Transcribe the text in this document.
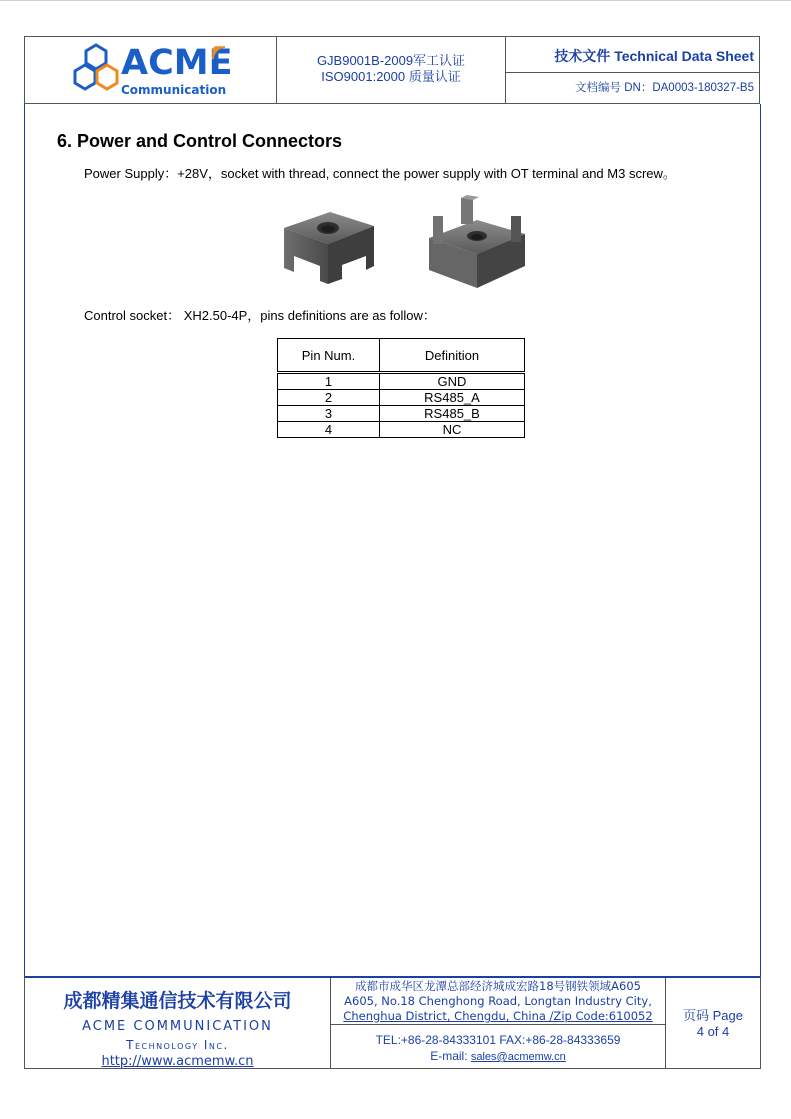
ACME
Communication
GJB9001B-2009军工认证
ISO9001:2000 质量认证
技术文件 Technical Data Sheet
文档编号 DN：DA0003-180327-B5
6. Power and Control Connectors
Power Supply：+28V，socket with thread, connect the power supply with OT terminal and M3 screw。
Control socket： XH2.50-4P，pins definitions are as follow：
Pin Num.	Definition
1	GND
2	RS485_A
3	RS485_B
4	NC
成都精集通信技术有限公司
ACME COMMUNICATION
Technology Inc.
http://www.acmemw.cn
成都市成华区龙潭总部经济城成宏路18号钢铁领域A605
A605, No.18 Chenghong Road, Longtan Industry City,
Chenghua District, Chengdu, China /Zip Code:610052
TEL:+86-28-84333101 FAX:+86-28-84333659
E-mail: sales@acmemw.cn
页码 Page
4 of 4
